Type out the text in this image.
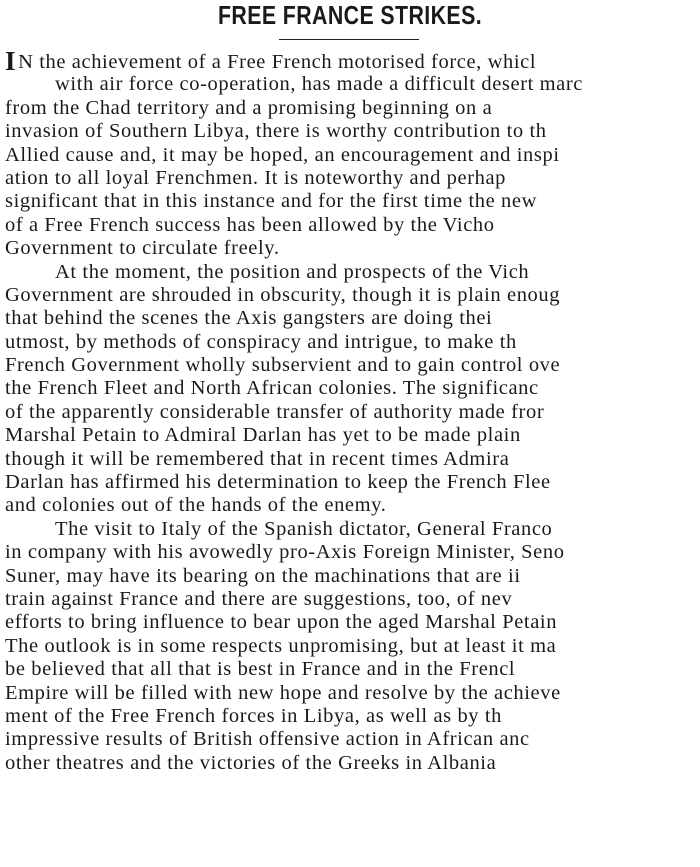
FREE FRANCE STRIKES.
IN the achievement of a Free French motorised force, whicl
with air force co-operation, has made a difficult desert marc
from the Chad territory and a promising beginning on a
invasion of Southern Libya, there is worthy contribution to th
Allied cause and, it may be hoped, an encouragement and inspi
ation to all loyal Frenchmen. It is noteworthy and perhap
significant that in this instance and for the first time the new
of a Free French success has been allowed by the Vicho
Government to circulate freely.
At the moment, the position and prospects of the Vich
Government are shrouded in obscurity, though it is plain enoug
that behind the scenes the Axis gangsters are doing thei
utmost, by methods of conspiracy and intrigue, to make th
French Government wholly subservient and to gain control ove
the French Fleet and North African colonies. The significanc
of the apparently considerable transfer of authority made fror
Marshal Petain to Admiral Darlan has yet to be made plain
though it will be remembered that in recent times Admira
Darlan has affirmed his determination to keep the French Flee
and colonies out of the hands of the enemy.
The visit to Italy of the Spanish dictator, General Franco
in company with his avowedly pro-Axis Foreign Minister, Seno
Suner, may have its bearing on the machinations that are ii
train against France and there are suggestions, too, of nev
efforts to bring influence to bear upon the aged Marshal Petain
The outlook is in some respects unpromising, but at least it ma
be believed that all that is best in France and in the Frencl
Empire will be filled with new hope and resolve by the achieve
ment of the Free French forces in Libya, as well as by th
impressive results of British offensive action in African anc
other theatres and the victories of the Greeks in Albania
